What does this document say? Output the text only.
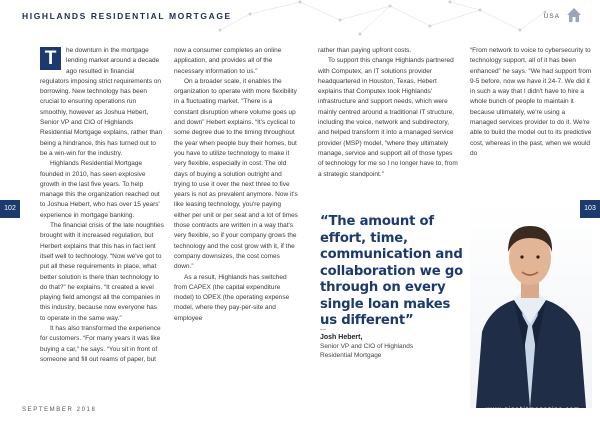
HIGHLANDS RESIDENTIAL MORTGAGE	USA

T	he downturn in the mortgage lending market around a decade ago resulted in financial regulators imposing strict requirements on borrowing. New technology has been crucial to ensuring operations run smoothly, however as Joshua Hebert, Senior VP and CIO of Highlands Residential Mortgage explains, rather than being a hindrance, this has turned out to be a win-win for the industry.

Highlands Residential Mortgage founded in 2010, has seen explosive growth in the last five years. To help manage this the organization reached out to Joshua Hebert, who has over 15 years' experience in mortgage banking.

The financial crisis of the late noughties brought with it increased regulation, but Herbert explains that this has in fact lent itself well to technology. “Now we've got to put all these requirements in place, what better solution is there than technology to do that?” he explains. “It created a level playing field amongst all the companies in this industry, because now everyone has to operate in the same way.”

It has also transformed the experience for customers. “For many years it was like buying a car,” he says. “You sit in front of someone and fill out reams of paper, but

now a consumer completes an online application, and provides all of the necessary information to us.”

On a broader scale, it enables the organization to operate with more flexibility in a fluctuating market. “There is a constant disruption where volume goes up and down” Hebert explains. “It's cyclical to some degree due to the timing throughout the year when people buy their homes, but you have to utilize technology to make it very flexible, especially in cost. The old days of buying a solution outright and trying to use it over the next three to five years is not as prevalent anymore. Now it's like leasing technology, you're paying either per unit or per seat and a lot of times those contracts are written in a way that's very flexible, so if your company grows the technology and the cost grow with it, if the company downsizes, the cost comes down.”

As a result, Highlands has switched from CAPEX (the capital expenditure model) to OPEX (the operating expense model, where they pay-per-site and employee

rather than paying upfront costs.

To support this change Highlands partnered with Computex, an IT solutions provider headquartered in Houston, Texas. Hebert explains that Computex took Highlands' infrastructure and support needs, which were mainly centred around a traditional IT structure, including the voice, network and subdirectory, and helped transform it into a managed service provider (MSP) model, “where they ultimately manage, service and support all of those types of technology for me so I no longer have to, from a strategic standpoint.”

“From network to voice to cybersecurity to technology support, all of it has been enhanced” he says. “We had support from 9-5 before, now we have it 24-7. We did it in such a way that I didn't have to hire a whole bunch of people to maintain it because ultimately, we're using a managed services provider to do it. We're able to build the model out to its predictive cost, whereas in the past, when we would do

“The amount of effort, time, communication and collaboration we go through on every single loan makes us different”
—
Josh Hebert,
Senior VP and CIO of Highlands Residential Mortgage
102	103
SEPTEMBER 2018	www.gigabitmagazine.com
